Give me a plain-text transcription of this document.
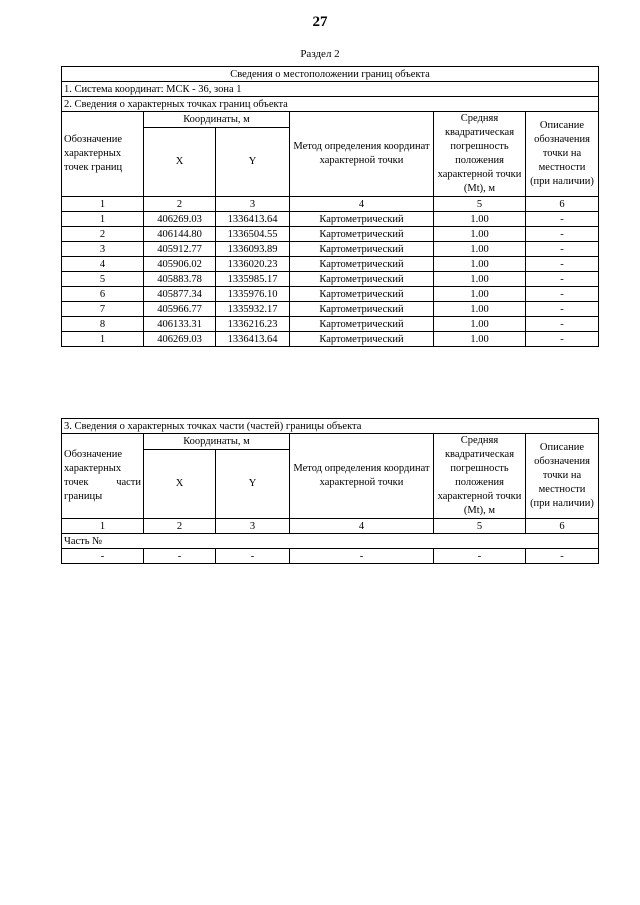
27
Раздел 2
Сведения о местоположении границ объекта					
1. Система координат: МСК - 36, зона 1					
2. Сведения о характерных точках границ объекта					
Обозначение характерных точек границ	Координаты, м		Метод определения координат характерной точки	Средняя квадратическая погрешность положения характерной точки (Mt), м	Описание обозначения точки на местности (при наличии)
	X	Y			
1	2	3	4	5	6
1	406269.03	1336413.64	Картометрический	1.00	-
2	406144.80	1336504.55	Картометрический	1.00	-
3	405912.77	1336093.89	Картометрический	1.00	-
4	405906.02	1336020.23	Картометрический	1.00	-
5	405883.78	1335985.17	Картометрический	1.00	-
6	405877.34	1335976.10	Картометрический	1.00	-
7	405966.77	1335932.17	Картометрический	1.00	-
8	406133.31	1336216.23	Картометрический	1.00	-
1	406269.03	1336413.64	Картометрический	1.00	-
3. Сведения о характерных точках части (частей) границы объекта					
Обозначение характерных точек части границы	Координаты, м		Метод определения координат характерной точки	Средняя квадратическая погрешность положения характерной точки (Mt), м	Описание обозначения точки на местности (при наличии)
	X	Y			
1	2	3	4	5	6
Часть №					
-	-	-	-	-	-
